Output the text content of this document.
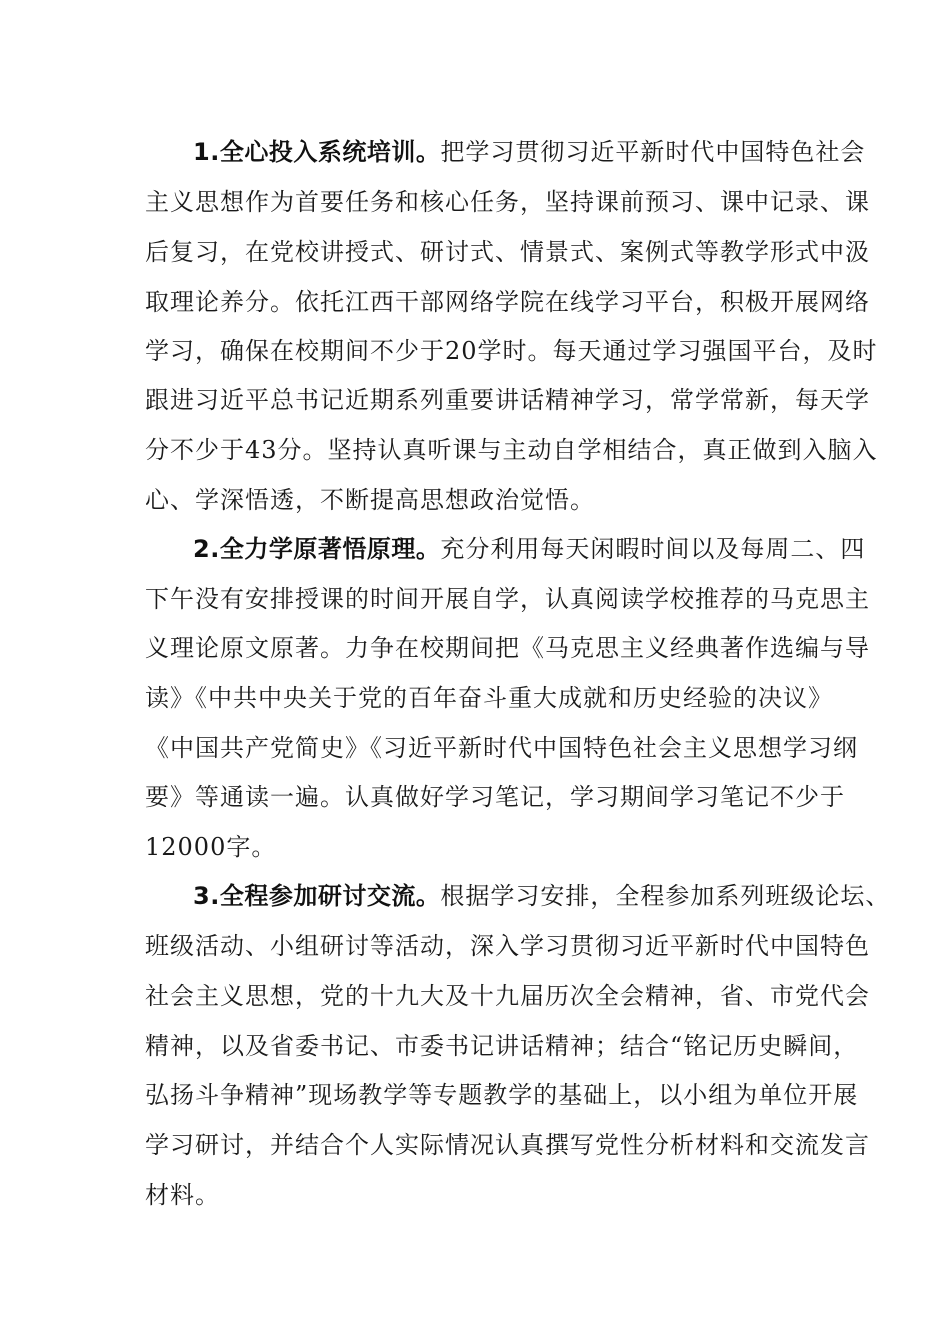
1.全心投入系统培训。把学习贯彻习近平新时代中国特色社会
主义思想作为首要任务和核心任务，坚持课前预习、课中记录、课
后复习，在党校讲授式、研讨式、情景式、案例式等教学形式中汲
取理论养分。依托江西干部网络学院在线学习平台，积极开展网络
学习，确保在校期间不少于20学时。每天通过学习强国平台，及时
跟进习近平总书记近期系列重要讲话精神学习，常学常新，每天学
分不少于43分。坚持认真听课与主动自学相结合，真正做到入脑入
心、学深悟透，不断提高思想政治觉悟。
2.全力学原著悟原理。充分利用每天闲暇时间以及每周二、四
下午没有安排授课的时间开展自学，认真阅读学校推荐的马克思主
义理论原文原著。力争在校期间把《马克思主义经典著作选编与导
读》《中共中央关于党的百年奋斗重大成就和历史经验的决议》
《中国共产党简史》《习近平新时代中国特色社会主义思想学习纲
要》等通读一遍。认真做好学习笔记，学习期间学习笔记不少于
12000字。
3.全程参加研讨交流。根据学习安排，全程参加系列班级论坛、
班级活动、小组研讨等活动，深入学习贯彻习近平新时代中国特色
社会主义思想，党的十九大及十九届历次全会精神，省、市党代会
精神，以及省委书记、市委书记讲话精神；结合“铭记历史瞬间，
弘扬斗争精神”现场教学等专题教学的基础上，以小组为单位开展
学习研讨，并结合个人实际情况认真撰写党性分析材料和交流发言
材料。
